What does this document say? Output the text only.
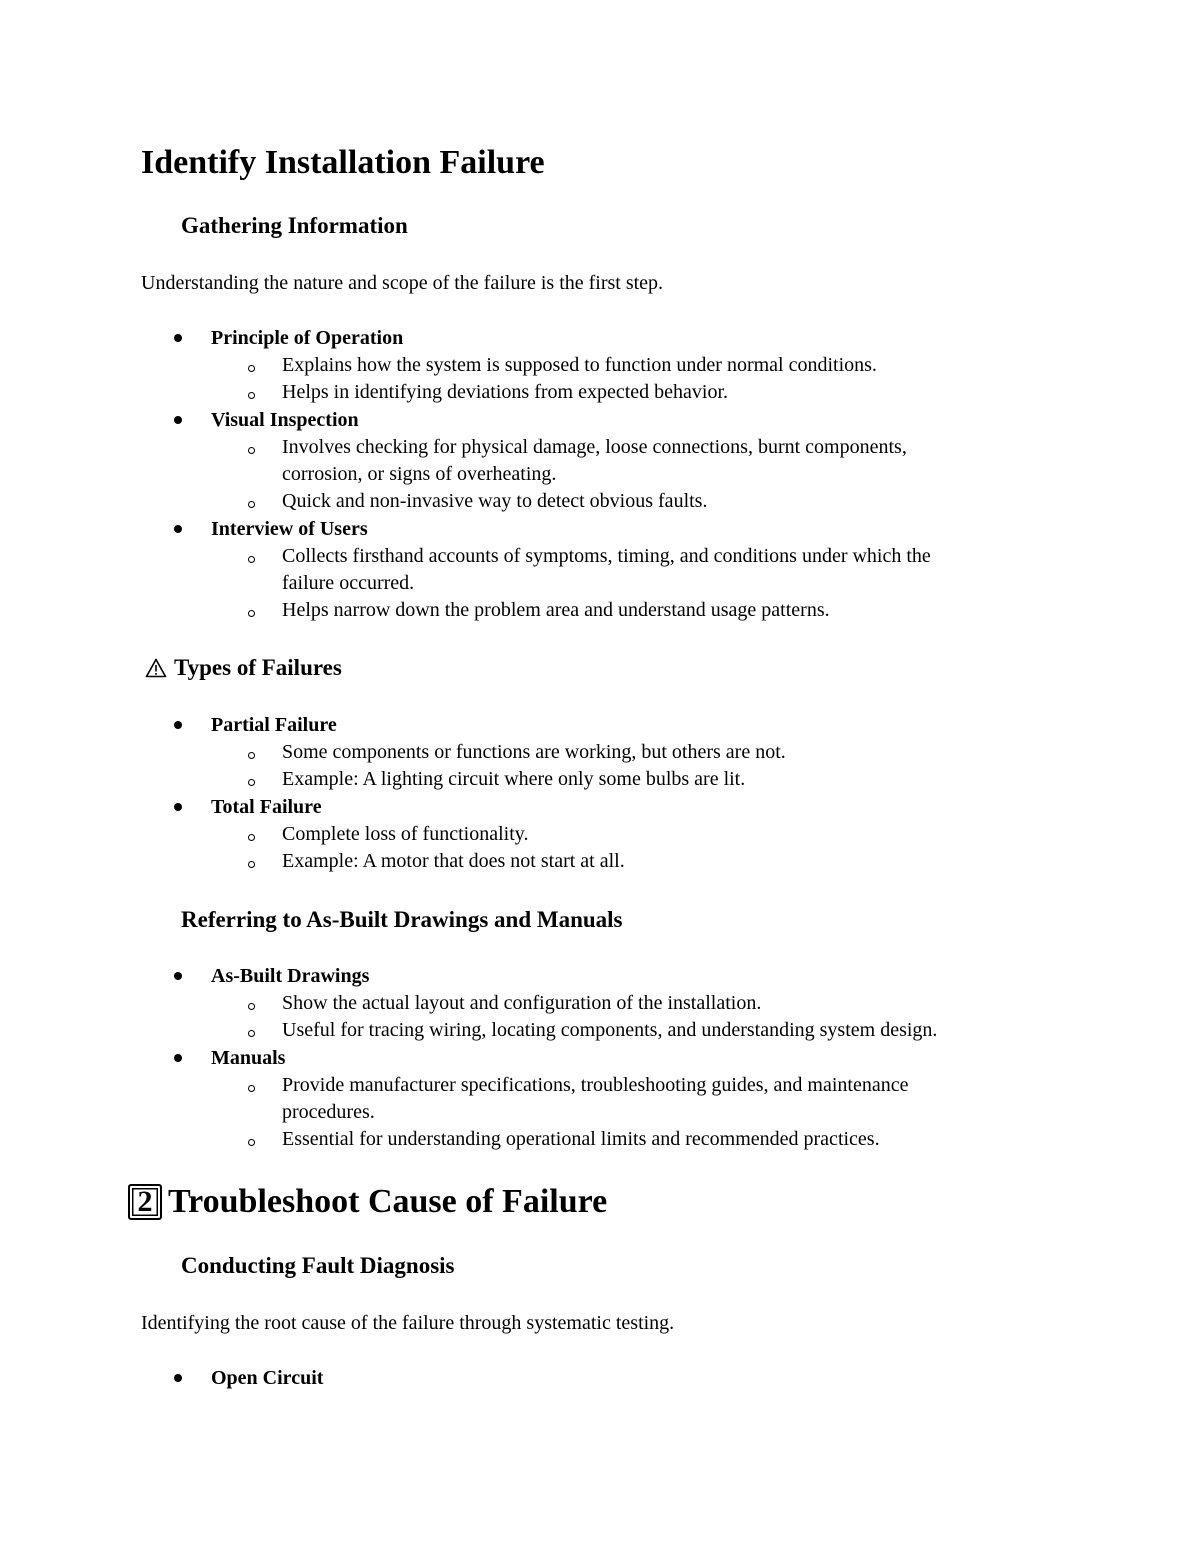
Identify Installation Failure
Gathering Information
Understanding the nature and scope of the failure is the first step.
Principle of Operation
Explains how the system is supposed to function under normal conditions.
Helps in identifying deviations from expected behavior.
Visual Inspection
Involves checking for physical damage, loose connections, burnt components,
corrosion, or signs of overheating.
Quick and non-invasive way to detect obvious faults.
Interview of Users
Collects firsthand accounts of symptoms, timing, and conditions under which the
failure occurred.
Helps narrow down the problem area and understand usage patterns.
Types of Failures
Partial Failure
Some components or functions are working, but others are not.
Example: A lighting circuit where only some bulbs are lit.
Total Failure
Complete loss of functionality.
Example: A motor that does not start at all.
Referring to As-Built Drawings and Manuals
As-Built Drawings
Show the actual layout and configuration of the installation.
Useful for tracing wiring, locating components, and understanding system design.
Manuals
Provide manufacturer specifications, troubleshooting guides, and maintenance
procedures.
Essential for understanding operational limits and recommended practices.
2 Troubleshoot Cause of Failure
Conducting Fault Diagnosis
Identifying the root cause of the failure through systematic testing.
Open Circuit
